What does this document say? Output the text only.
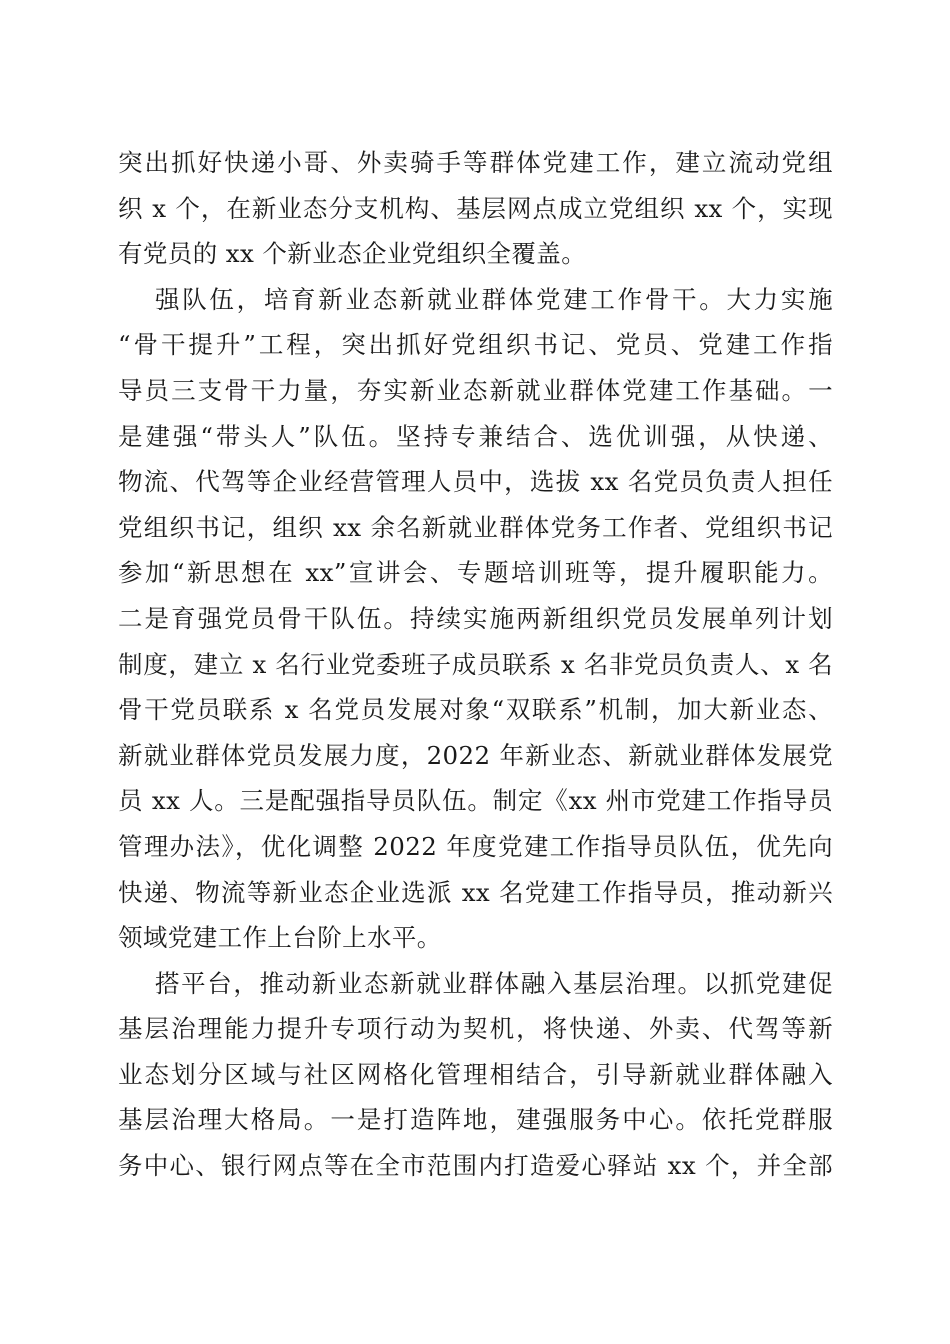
突出抓好快递小哥、外卖骑手等群体党建工作，建立流动党组
织 x 个，在新业态分支机构、基层网点成立党组织 xx 个，实现
有党员的 xx 个新业态企业党组织全覆盖。
强队伍，培育新业态新就业群体党建工作骨干。大力实施
“骨干提升”工程，突出抓好党组织书记、党员、党建工作指
导员三支骨干力量，夯实新业态新就业群体党建工作基础。一
是建强“带头人”队伍。坚持专兼结合、选优训强，从快递、
物流、代驾等企业经营管理人员中，选拔 xx 名党员负责人担任
党组织书记，组织 xx 余名新就业群体党务工作者、党组织书记
参加“新思想在 xx”宣讲会、专题培训班等，提升履职能力。
二是育强党员骨干队伍。持续实施两新组织党员发展单列计划
制度，建立 x 名行业党委班子成员联系 x 名非党员负责人、x 名
骨干党员联系 x 名党员发展对象“双联系”机制，加大新业态、
新就业群体党员发展力度，2022 年新业态、新就业群体发展党
员 xx 人。三是配强指导员队伍。制定《xx 州市党建工作指导员
管理办法》，优化调整 2022 年度党建工作指导员队伍，优先向
快递、物流等新业态企业选派 xx 名党建工作指导员，推动新兴
领域党建工作上台阶上水平。
搭平台，推动新业态新就业群体融入基层治理。以抓党建促
基层治理能力提升专项行动为契机，将快递、外卖、代驾等新
业态划分区域与社区网格化管理相结合，引导新就业群体融入
基层治理大格局。一是打造阵地，建强服务中心。依托党群服
务中心、银行网点等在全市范围内打造爱心驿站 xx 个，并全部
